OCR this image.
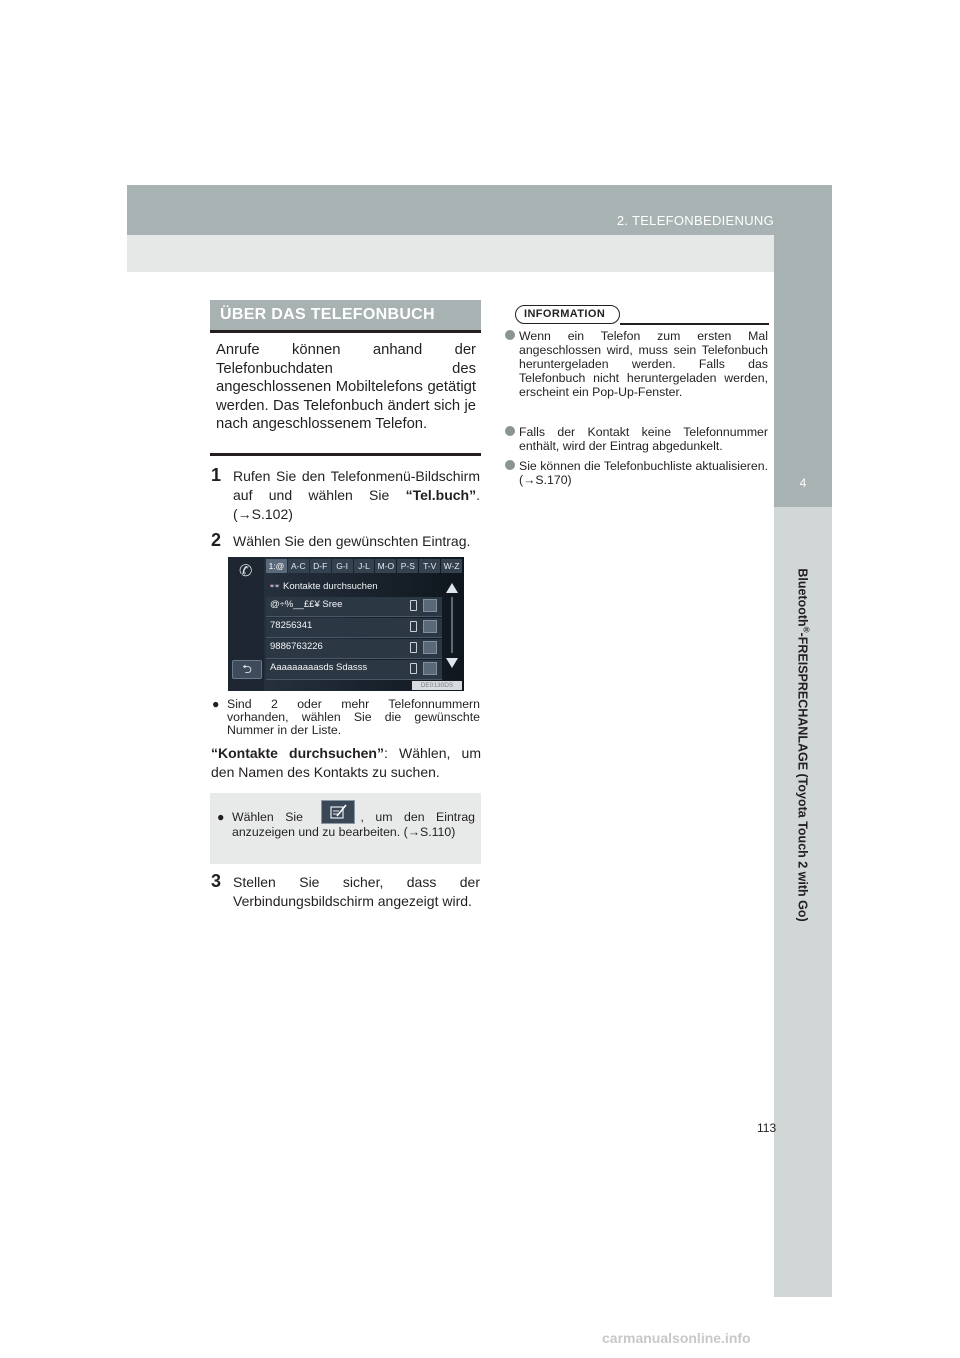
2. TELEFONBEDIENUNG
4
Bluetooth®-FREISPRECHANLAGE (Toyota Touch 2 with Go)
ÜBER DAS TELEFONBUCH
Anrufe können anhand der Telefonbuchdaten des angeschlossenen Mobiltelefons getätigt werden. Das Telefonbuch ändert sich je nach angeschlossenem Telefon.
1 Rufen Sie den Telefonmenü-Bildschirm auf und wählen Sie “Tel.buch”. (→S.102)
2 Wählen Sie den gewünschten Eintrag.
✆
⮌
1:@ A-C D-F	G-I	J-L M-O P-S T-V W-Z
👓 Kontakte durchsuchen
@÷%__££¥ Sree
78256341
9886763226
Aaaaaaaaasds Sdasss
DE0130DS
● Sind 2 oder mehr Telefonnummern vorhanden, wählen Sie die gewünschte Nummer in der Liste.
“Kontakte durchsuchen”: Wählen, um den Namen des Kontakts zu suchen.
● Wählen Sie	, um den Eintrag anzuzeigen und zu bearbeiten. (→S.110)
3 Stellen Sie sicher, dass der Verbindungsbildschirm angezeigt wird.
INFORMATION
Wenn ein Telefon zum ersten Mal angeschlossen wird, muss sein Telefonbuch heruntergeladen werden. Falls das Telefonbuch nicht heruntergeladen werden, erscheint ein Pop-Up-Fenster.
Falls der Kontakt keine Telefonnummer enthält, wird der Eintrag abgedunkelt.
Sie können die Telefonbuchliste aktualisieren. (→S.170)
113
carmanualsonline.info
